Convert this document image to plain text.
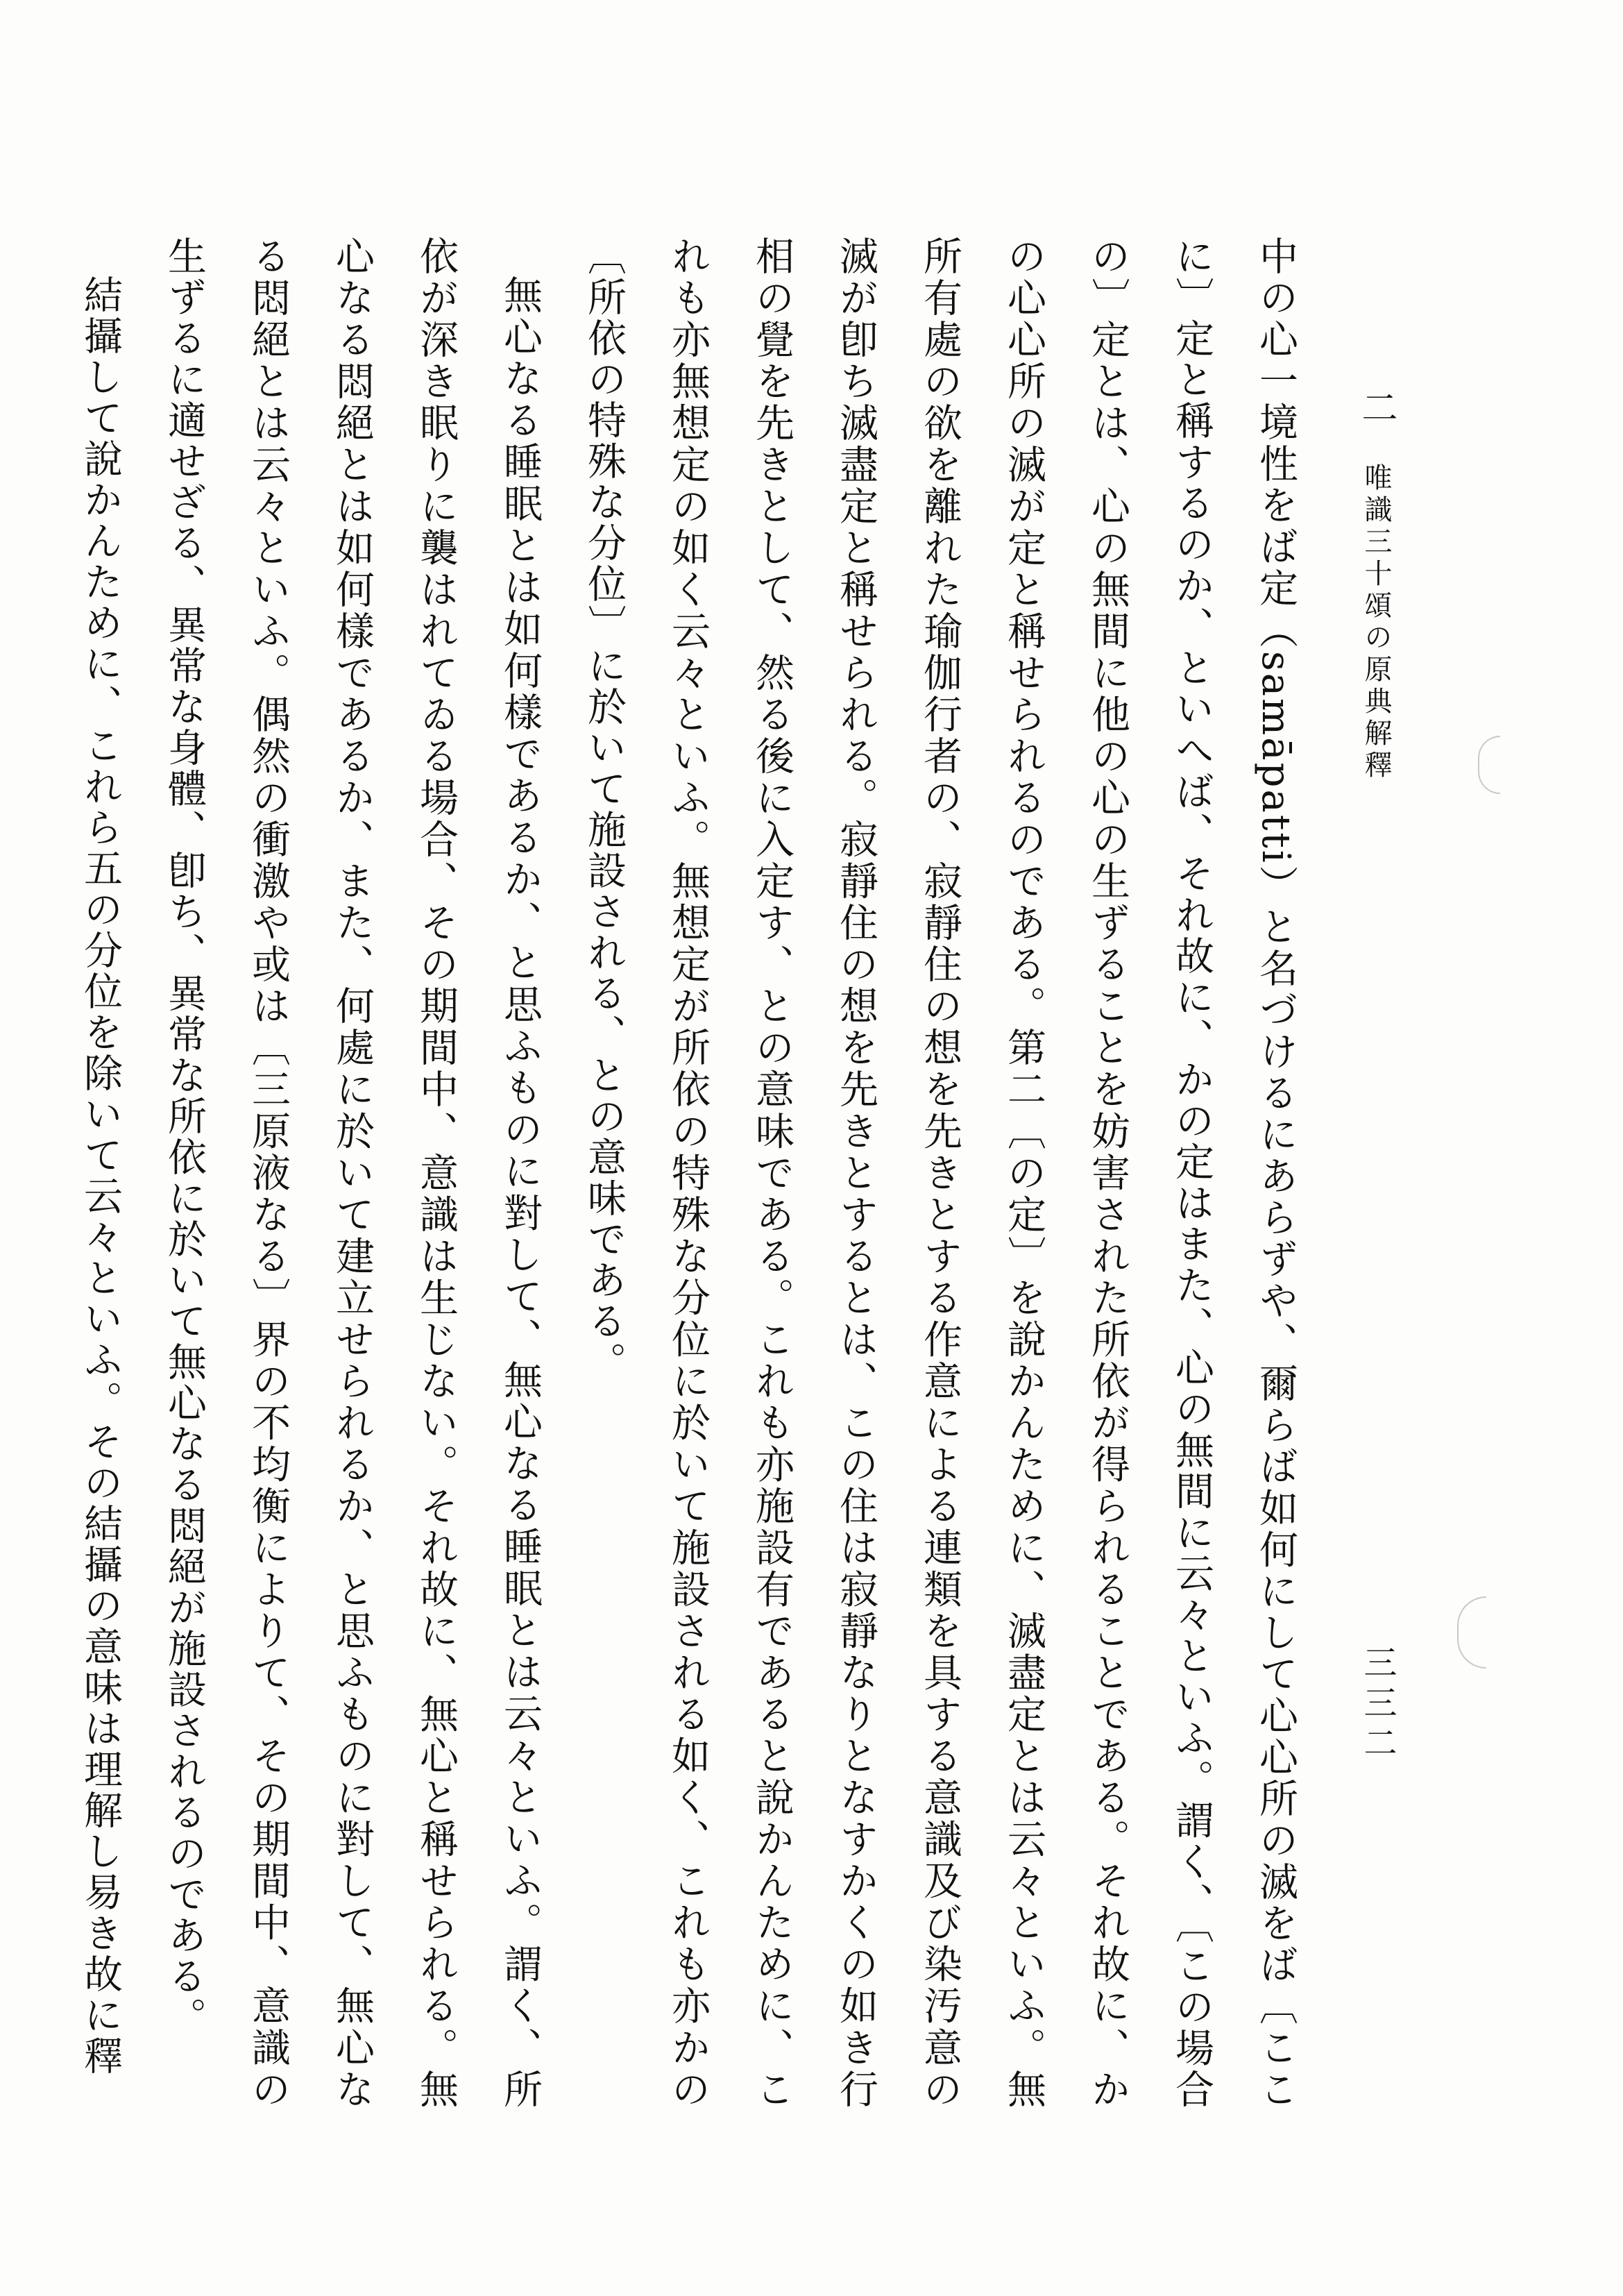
二 唯識三十頌の原典解釋
三三二

中の心一境性をば定（samāpatti）と名づけるにあらずや、爾らば如何にして心心所の滅をば〔ここに〕定と稱するのか、といへば、それ故に、かの定はまた、心の無間に云々といふ。謂く、〔この場合の〕定とは、心の無間に他の心の生ずることを妨害された所依が得られることである。それ故に、かの心心所の滅が定と稱せられるのである。第二〔の定〕を說かんために、滅盡定とは云々といふ。無所有處の欲を離れた瑜伽行者の、寂靜住の想を先きとする作意による連類を具する意識及び染汚意の滅が卽ち滅盡定と稱せられる。寂靜住の想を先きとするとは、この住は寂靜なりとなすかくの如き行相の覺を先きとして、然る後に入定す、との意味である。これも亦施設有であると說かんために、これも亦無想定の如く云々といふ。無想定が所依の特殊な分位に於いて施設される如く、これも亦かの〔所依の特殊な分位〕に於いて施設される、との意味である。

無心なる睡眠とは如何樣であるか、と思ふものに對して、無心なる睡眠とは云々といふ。謂く、所依が深き眠りに襲はれてゐる場合、その期間中、意識は生じない。それ故に、無心と稱せられる。無心なる悶絕とは如何樣であるか、また、何處に於いて建立せられるか、と思ふものに對して、無心なる悶絕とは云々といふ。偶然の衝激や或は〔三原液なる〕界の不均衡によりて、その期間中、意識の生ずるに適せざる、異常な身體、卽ち、異常な所依に於いて無心なる悶絕が施設されるのである。

結攝して說かんために、これら五の分位を除いて云々といふ。その結攝の意味は理解し易き故に釋
